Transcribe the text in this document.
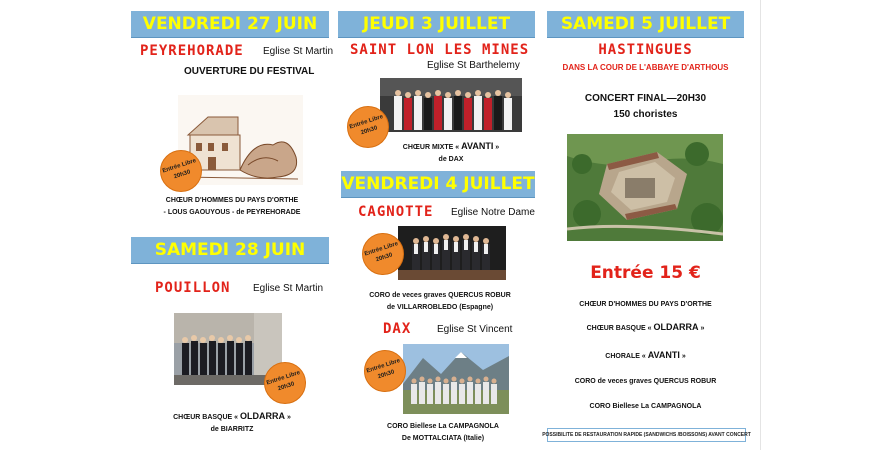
VENDREDI 27 JUIN
PEYREHORADE Eglise St Martin
OUVERTURE DU FESTIVAL
Entrée Libre 20h30
CHŒUR D'HOMMES DU PAYS D'ORTHE
- LOUS GAOUYOUS - de PEYREHORADE
SAMEDI 28 JUIN
POUILLON Eglise St Martin
Entrée Libre 20h30
CHŒUR BASQUE « OLDARRA »
de BIARRITZ
JEUDI 3 JUILLET
SAINT LON LES MINES
Eglise St Barthelemy
Entrée Libre 20h30
CHŒUR MIXTE « AVANTI »
de DAX
VENDREDI 4 JUILLET
CAGNOTTE Eglise Notre Dame
Entrée Libre 20h30
CORO de veces graves QUERCUS ROBUR
de VILLARROBLEDO (Espagne)
DAX	Eglise St Vincent
Entrée Libre 20h30
CORO Biellese La CAMPAGNOLA
De MOTTALCIATA (Italie)
SAMEDI 5 JUILLET
HASTINGUES
DANS LA COUR DE L'ABBAYE D'ARTHOUS
CONCERT FINAL—20H30
150 choristes
Entrée 15 €
CHŒUR D'HOMMES DU PAYS D'ORTHE
CHŒUR BASQUE « OLDARRA »
CHORALE « AVANTI »
CORO de veces graves QUERCUS ROBUR
CORO Biellese La CAMPAGNOLA
POSSIBILITE DE RESTAURATION RAPIDE (SANDWICHS /BOISSONS) AVANT CONCERT
